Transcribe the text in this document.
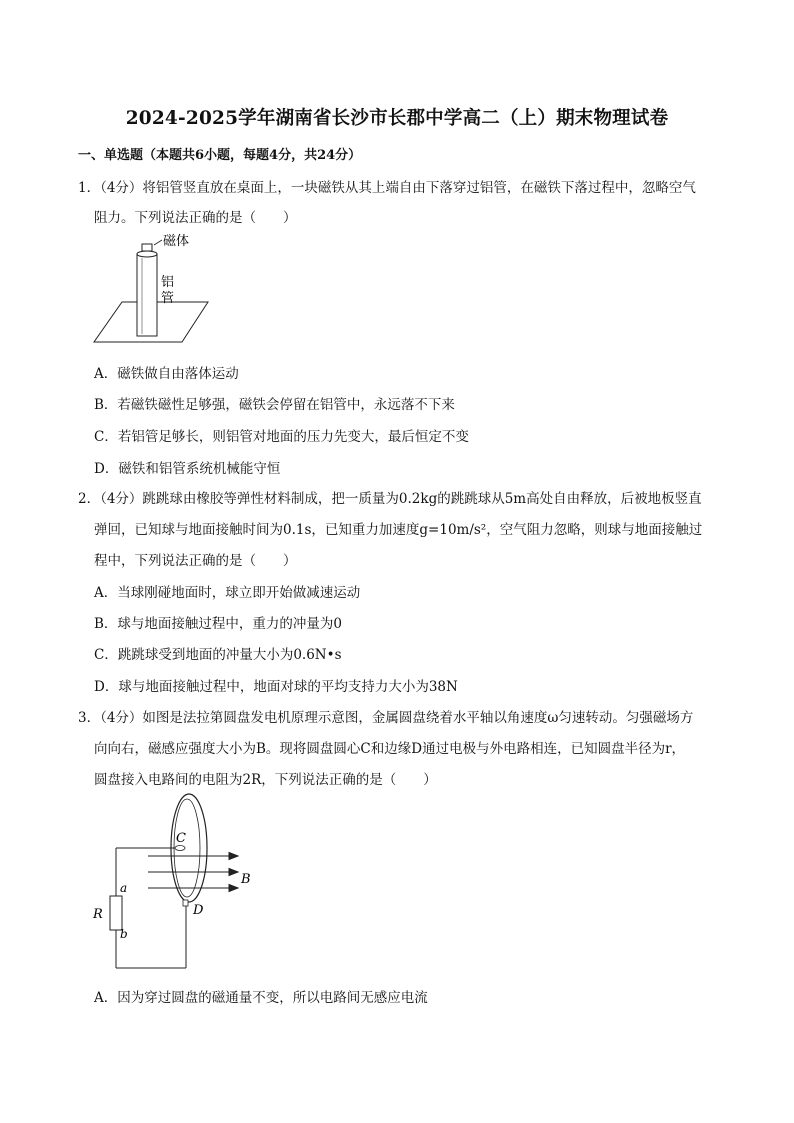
2024-2025学年湖南省长沙市长郡中学高二（上）期末物理试卷
一、单选题（本题共6小题，每题4分，共24分）
1．（4分）将铝管竖直放在桌面上，一块磁铁从其上端自由下落穿过铝管，在磁铁下落过程中，忽略空气
阻力。下列说法正确的是（　　）
磁体
铝
管
A．磁铁做自由落体运动
B．若磁铁磁性足够强，磁铁会停留在铝管中，永远落不下来
C．若铝管足够长，则铝管对地面的压力先变大，最后恒定不变
D．磁铁和铝管系统机械能守恒
2．（4分）跳跳球由橡胶等弹性材料制成，把一质量为0.2kg的跳跳球从5m高处自由释放，后被地板竖直
弹回，已知球与地面接触时间为0.1s，已知重力加速度g=10m/s²，空气阻力忽略，则球与地面接触过
程中，下列说法正确的是（　　）
A．当球刚碰地面时，球立即开始做减速运动
B．球与地面接触过程中，重力的冲量为0
C．跳跳球受到地面的冲量大小为0.6N•s
D．球与地面接触过程中，地面对球的平均支持力大小为38N
3．（4分）如图是法拉第圆盘发电机原理示意图，金属圆盘绕着水平轴以角速度ω匀速转动。匀强磁场方
向向右，磁感应强度大小为B。现将圆盘圆心C和边缘D通过电极与外电路相连，已知圆盘半径为r，
圆盘接入电路间的电阻为2R，下列说法正确的是（　　）
C
D
B
R
a
b
A．因为穿过圆盘的磁通量不变，所以电路间无感应电流
